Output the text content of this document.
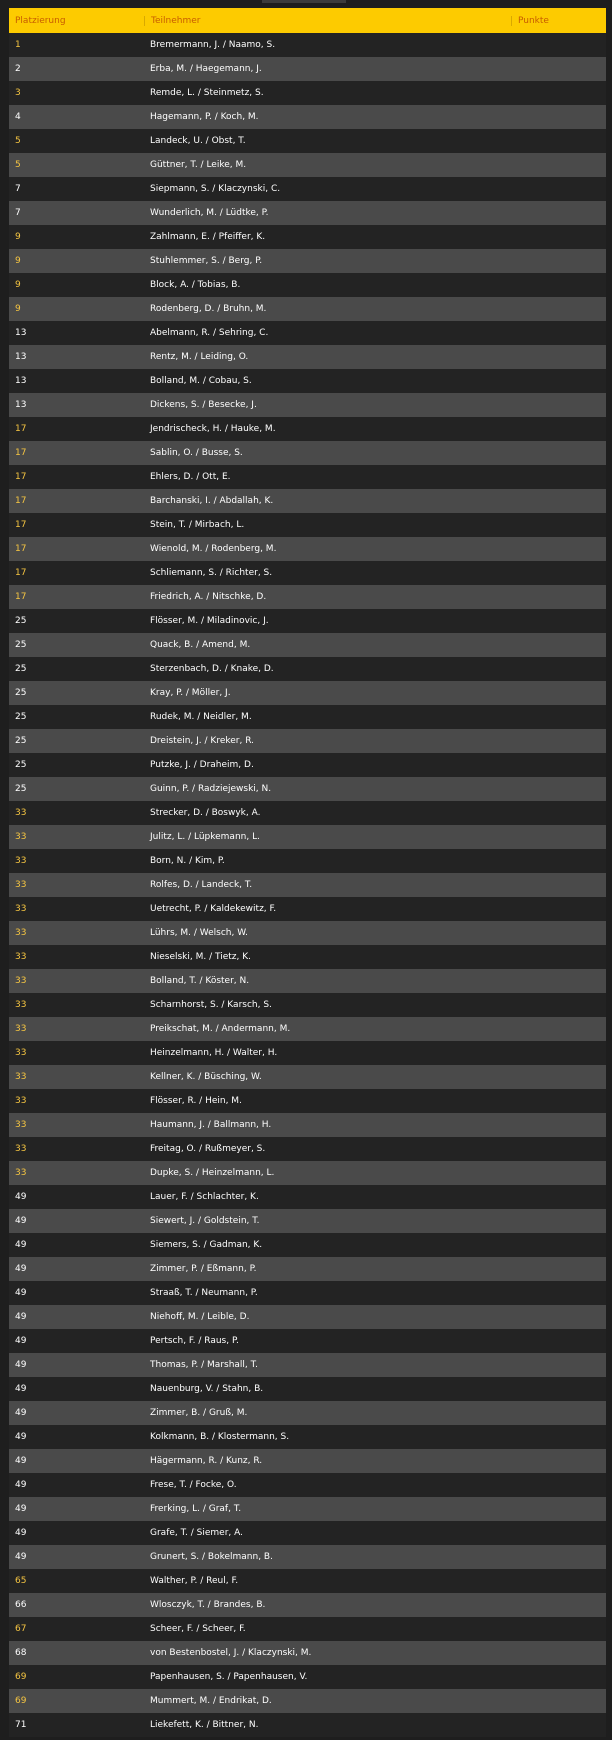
Platzierung	Teilnehmer	Punkte
1	Bremermann, J. / Naamo, S.
2	Erba, M. / Haegemann, J.
3	Remde, L. / Steinmetz, S.
4	Hagemann, P. / Koch, M.
5	Landeck, U. / Obst, T.
5	Güttner, T. / Leike, M.
7	Siepmann, S. / Klaczynski, C.
7	Wunderlich, M. / Lüdtke, P.
9	Zahlmann, E. / Pfeiffer, K.
9	Stuhlemmer, S. / Berg, P.
9	Block, A. / Tobias, B.
9	Rodenberg, D. / Bruhn, M.
13	Abelmann, R. / Sehring, C.
13	Rentz, M. / Leiding, O.
13	Bolland, M. / Cobau, S.
13	Dickens, S. / Besecke, J.
17	Jendrischeck, H. / Hauke, M.
17	Sablin, O. / Busse, S.
17	Ehlers, D. / Ott, E.
17	Barchanski, I. / Abdallah, K.
17	Stein, T. / Mirbach, L.
17	Wienold, M. / Rodenberg, M.
17	Schliemann, S. / Richter, S.
17	Friedrich, A. / Nitschke, D.
25	Flösser, M. / Miladinovic, J.
25	Quack, B. / Amend, M.
25	Sterzenbach, D. / Knake, D.
25	Kray, P. / Möller, J.
25	Rudek, M. / Neidler, M.
25	Dreistein, J. / Kreker, R.
25	Putzke, J. / Draheim, D.
25	Guinn, P. / Radziejewski, N.
33	Strecker, D. / Boswyk, A.
33	Julitz, L. / Lüpkemann, L.
33	Born, N. / Kim, P.
33	Rolfes, D. / Landeck, T.
33	Uetrecht, P. / Kaldekewitz, F.
33	Lührs, M. / Welsch, W.
33	Nieselski, M. / Tietz, K.
33	Bolland, T. / Köster, N.
33	Scharnhorst, S. / Karsch, S.
33	Preikschat, M. / Andermann, M.
33	Heinzelmann, H. / Walter, H.
33	Kellner, K. / Büsching, W.
33	Flösser, R. / Hein, M.
33	Haumann, J. / Ballmann, H.
33	Freitag, O. / Rußmeyer, S.
33	Dupke, S. / Heinzelmann, L.
49	Lauer, F. / Schlachter, K.
49	Siewert, J. / Goldstein, T.
49	Siemers, S. / Gadman, K.
49	Zimmer, P. / Eßmann, P.
49	Straaß, T. / Neumann, P.
49	Niehoff, M. / Leible, D.
49	Pertsch, F. / Raus, P.
49	Thomas, P. / Marshall, T.
49	Nauenburg, V. / Stahn, B.
49	Zimmer, B. / Gruß, M.
49	Kolkmann, B. / Klostermann, S.
49	Hägermann, R. / Kunz, R.
49	Frese, T. / Focke, O.
49	Frerking, L. / Graf, T.
49	Grafe, T. / Siemer, A.
49	Grunert, S. / Bokelmann, B.
65	Walther, P. / Reul, F.
66	Wlosczyk, T. / Brandes, B.
67	Scheer, F. / Scheer, F.
68	von Bestenbostel, J. / Klaczynski, M.
69	Papenhausen, S. / Papenhausen, V.
69	Mummert, M. / Endrikat, D.
71	Liekefett, K. / Bittner, N.
